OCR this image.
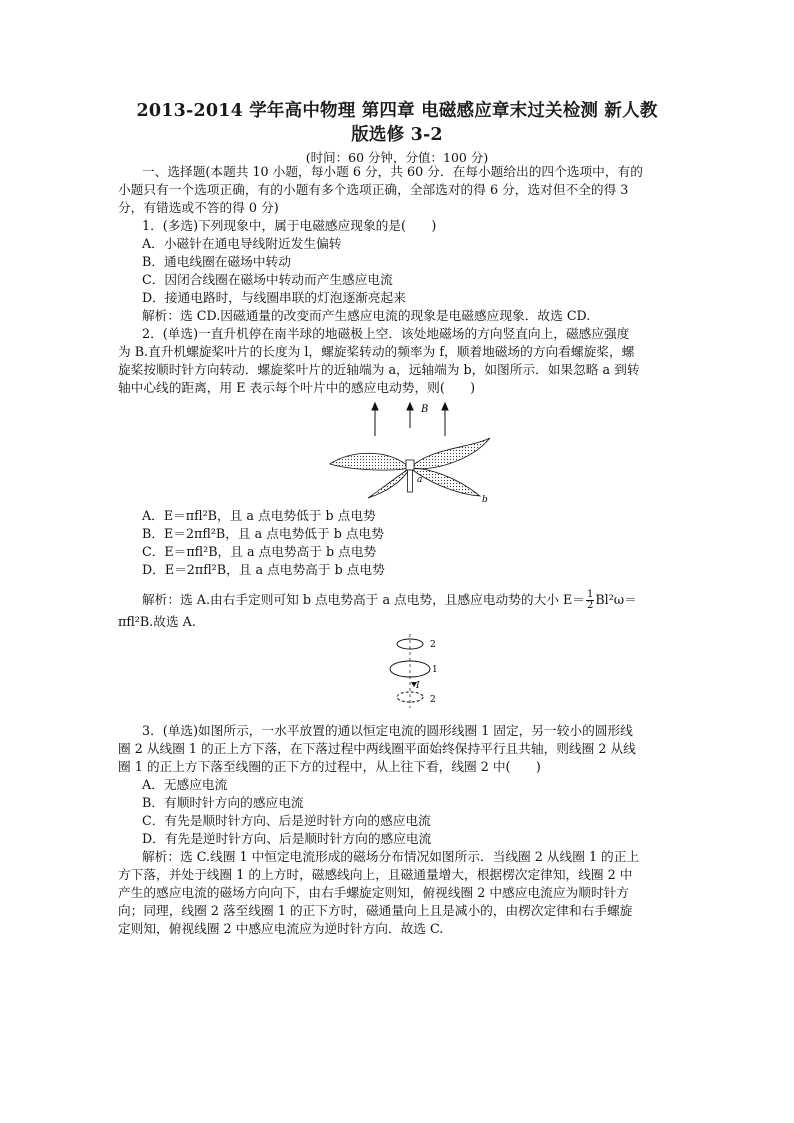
2013-2014 学年高中物理 第四章 电磁感应章末过关检测 新人教
版选修 3-2
(时间：60 分钟，分值：100 分)
一、选择题(本题共 10 小题，每小题 6 分，共 60 分．在每小题给出的四个选项中，有的
小题只有一个选项正确，有的小题有多个选项正确，全部选对的得 6 分，选对但不全的得 3
分，有错选或不答的得 0 分)
1．(多选)下列现象中，属于电磁感应现象的是(　　)
A．小磁针在通电导线附近发生偏转
B．通电线圈在磁场中转动
C．因闭合线圈在磁场中转动而产生感应电流
D．接通电路时，与线圈串联的灯泡逐渐亮起来
解析：选 CD.因磁通量的改变而产生感应电流的现象是电磁感应现象．故选 CD.
2．(单选)一直升机停在南半球的地磁极上空．该处地磁场的方向竖直向上，磁感应强度
为 B.直升机螺旋桨叶片的长度为 l，螺旋桨转动的频率为 f，顺着地磁场的方向看螺旋桨，螺
旋桨按顺时针方向转动．螺旋桨叶片的近轴端为 a，远轴端为 b，如图所示．如果忽略 a 到转
轴中心线的距离，用 E 表示每个叶片中的感应电动势，则(　　)
B
a
b
A．E＝πfl²B，且 a 点电势低于 b 点电势
B．E＝2πfl²B，且 a 点电势低于 b 点电势
C．E＝πfl²B，且 a 点电势高于 b 点电势
D．E＝2πfl²B，且 a 点电势高于 b 点电势
解析：选 A.由右手定则可知 b 点电势高于 a 点电势，且感应电动势的大小 $E= \frac{1}{2} Bl^2\omega=$
πfl²B.故选 A.
2
1
I
2
3．(单选)如图所示，一水平放置的通以恒定电流的圆形线圈 1 固定，另一较小的圆形线
圈 2 从线圈 1 的正上方下落，在下落过程中两线圈平面始终保持平行且共轴，则线圈 2 从线
圈 1 的正上方下落至线圈的正下方的过程中，从上往下看，线圈 2 中(　　)
A．无感应电流
B．有顺时针方向的感应电流
C．有先是顺时针方向、后是逆时针方向的感应电流
D．有先是逆时针方向、后是顺时针方向的感应电流
解析：选 C.线圈 1 中恒定电流形成的磁场分布情况如图所示．当线圈 2 从线圈 1 的正上
方下落，并处于线圈 1 的上方时，磁感线向上，且磁通量增大，根据楞次定律知，线圈 2 中
产生的感应电流的磁场方向向下，由右手螺旋定则知，俯视线圈 2 中感应电流应为顺时针方
向；同理，线圈 2 落至线圈 1 的正下方时，磁通量向上且是减小的，由楞次定律和右手螺旋
定则知，俯视线圈 2 中感应电流应为逆时针方向．故选 C.
